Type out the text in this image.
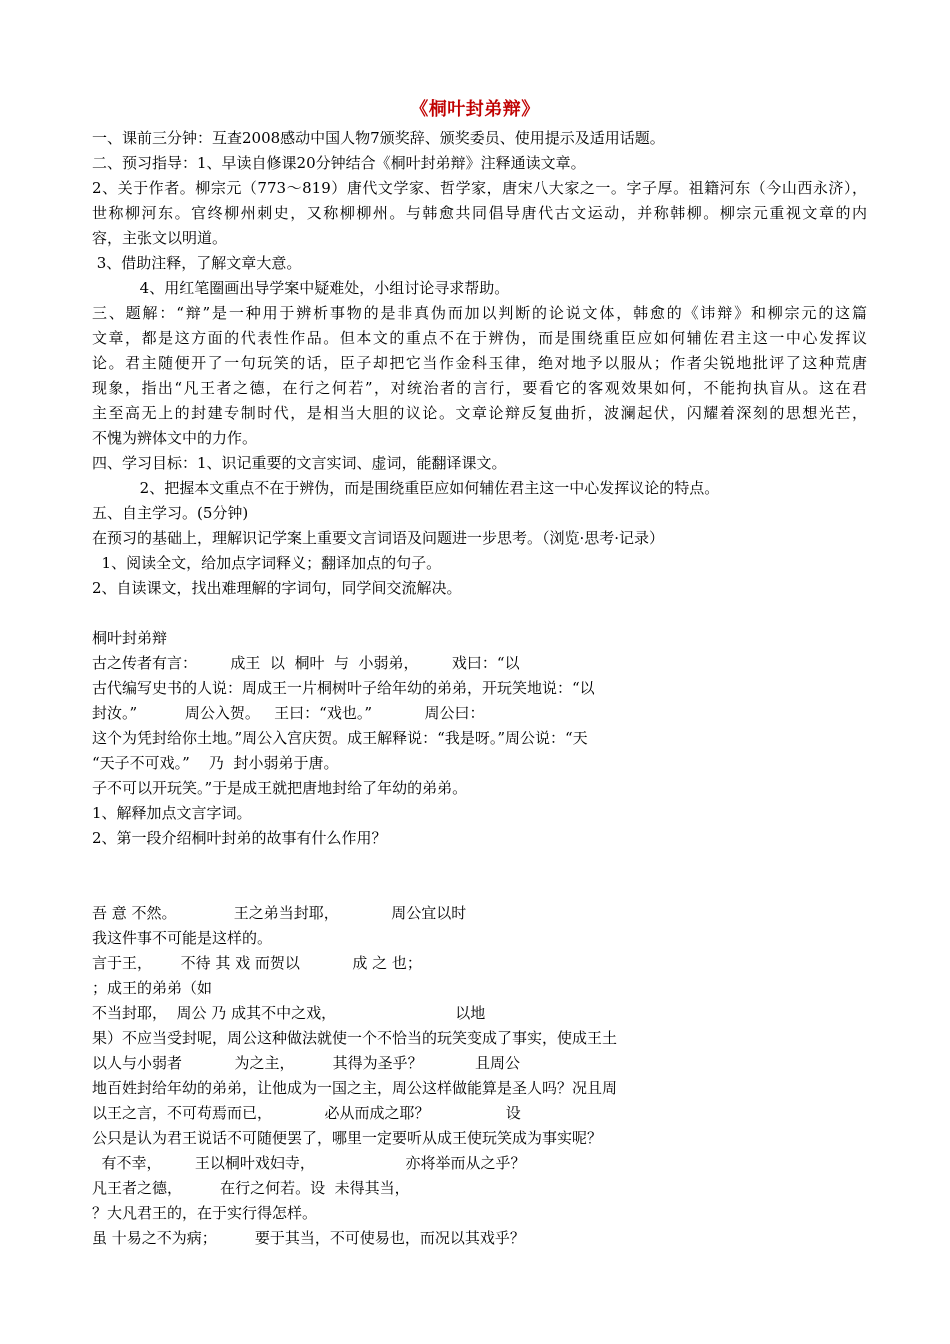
《桐叶封弟辩》
一、课前三分钟：互查2008感动中国人物7颁奖辞、颁奖委员、使用提示及适用话题。
二、预习指导：1、早读自修课20分钟结合《桐叶封弟辩》注释通读文章。
2、关于作者。柳宗元（773～819）唐代文学家、哲学家，唐宋八大家之一。字子厚。祖籍河东（今山西永济），
世称柳河东。官终柳州刺史，又称柳柳州。与韩愈共同倡导唐代古文运动，并称韩柳。柳宗元重视文章的内
容，主张文以明道。
3、借助注释，了解文章大意。
4、用红笔圈画出导学案中疑难处，小组讨论寻求帮助。
三、题解：“辩”是一种用于辨析事物的是非真伪而加以判断的论说文体，韩愈的《讳辩》和柳宗元的这篇
文章，都是这方面的代表性作品。但本文的重点不在于辨伪，而是围绕重臣应如何辅佐君主这一中心发挥议
论。君主随便开了一句玩笑的话，臣子却把它当作金科玉律，绝对地予以服从；作者尖锐地批评了这种荒唐
现象，指出“凡王者之德，在行之何若”，对统治者的言行，要看它的客观效果如何，不能拘执盲从。这在君
主至高无上的封建专制时代，是相当大胆的议论。文章论辩反复曲折，波澜起伏，闪耀着深刻的思想光芒，
不愧为辨体文中的力作。
四、学习目标：1、识记重要的文言实词、虚词，能翻译课文。
2、把握本文重点不在于辨伪，而是围绕重臣应如何辅佐君主这一中心发挥议论的特点。
五、自主学习。(5分钟)
在预习的基础上，理解识记学案上重要文言词语及问题进一步思考。（浏览·思考·记录）
1、阅读全文，给加点字词释义；翻译加点的句子。
2、自读课文，找出难理解的字词句，同学间交流解决。
桐叶封弟辩
古之传者有言：       成王  以  桐叶  与  小弱弟，       戏曰：“以
古代编写史书的人说：周成王一片桐树叶子给年幼的弟弟，开玩笑地说：“以
封汝。”          周公入贺。   王曰：“戏也。”           周公曰：
这个为凭封给你土地。”周公入宫庆贺。成王解释说：“我是呀。”周公说：“天
“天子不可戏。”    乃  封小弱弟于唐。
子不可以开玩笑。”于是成王就把唐地封给了年幼的弟弟。
1、解释加点文言字词。
2、第一段介绍桐叶封弟的故事有什么作用？
吾 意 不然。            王之弟当封耶，           周公宜以时
我这件事不可能是这样的。
言于王，      不待 其 戏 而贺以           成 之 也；
；成王的弟弟（如
不当封耶，  周公 乃 成其不中之戏，                         以地
果）不应当受封呢，周公这种做法就使一个不恰当的玩笑变成了事实，使成王土
以人与小弱者           为之主，        其得为圣乎？           且周公
地百姓封给年幼的弟弟，让他成为一国之主，周公这样做能算是圣人吗？况且周
以王之言，不可苟焉而已，           必从而成之耶？                设
公只是认为君王说话不可随便罢了，哪里一定要听从成王使玩笑成为事实呢？
有不幸，       王以桐叶戏妇寺，                   亦将举而从之乎？
凡王者之德，        在行之何若。设  未得其当，
？大凡君王的，在于实行得怎样。
虽 十易之不为病；        要于其当，不可使易也，而况以其戏乎？
